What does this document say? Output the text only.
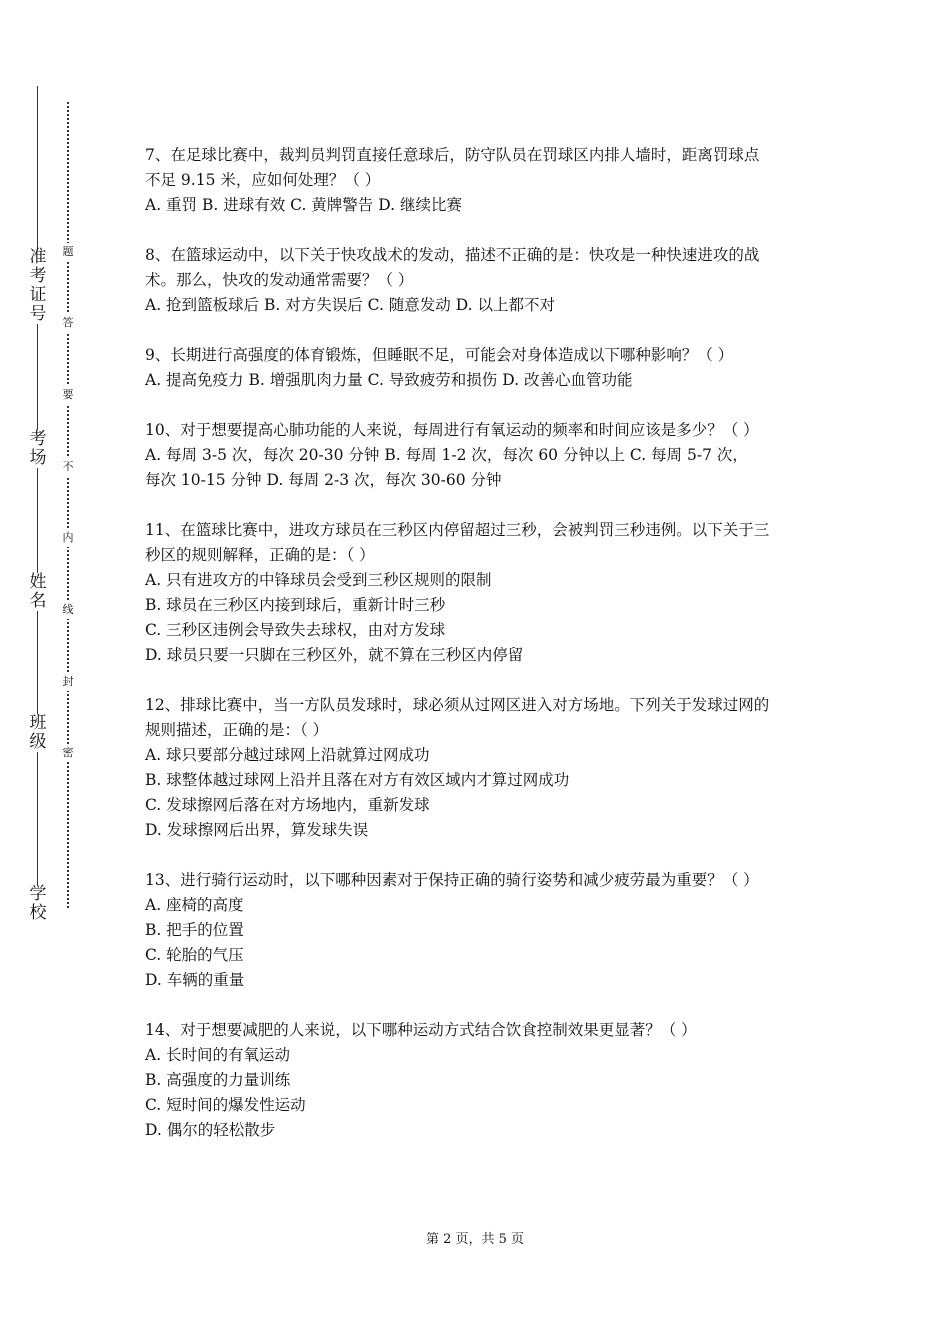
准
考
证
号
考
场
姓
名
班
级
学
校
题
答
要
不
内
线
封
密

7、在足球比赛中，裁判员判罚直接任意球后，防守队员在罚球区内排人墙时，距离罚球点

不足 9.15 米，应如何处理？（ ）

A. 重罚 B. 进球有效 C. 黄牌警告 D. 继续比赛

8、在篮球运动中，以下关于快攻战术的发动，描述不正确的是：快攻是一种快速进攻的战

术。那么，快攻的发动通常需要？（ ）

A. 抢到篮板球后 B. 对方失误后 C. 随意发动 D. 以上都不对

9、长期进行高强度的体育锻炼，但睡眠不足，可能会对身体造成以下哪种影响？（ ）

A. 提高免疫力 B. 增强肌肉力量 C. 导致疲劳和损伤 D. 改善心血管功能

10、对于想要提高心肺功能的人来说，每周进行有氧运动的频率和时间应该是多少？（ ）

A. 每周 3-5 次，每次 20-30 分钟 B. 每周 1-2 次，每次 60 分钟以上 C. 每周 5-7 次，

每次 10-15 分钟 D. 每周 2-3 次，每次 30-60 分钟

11、在篮球比赛中，进攻方球员在三秒区内停留超过三秒，会被判罚三秒违例。以下关于三

秒区的规则解释，正确的是：（ ）

A. 只有进攻方的中锋球员会受到三秒区规则的限制

B. 球员在三秒区内接到球后，重新计时三秒

C. 三秒区违例会导致失去球权，由对方发球

D. 球员只要一只脚在三秒区外，就不算在三秒区内停留

12、排球比赛中，当一方队员发球时，球必须从过网区进入对方场地。下列关于发球过网的

规则描述，正确的是：（ ）

A. 球只要部分越过球网上沿就算过网成功

B. 球整体越过球网上沿并且落在对方有效区域内才算过网成功

C. 发球擦网后落在对方场地内，重新发球

D. 发球擦网后出界，算发球失误

13、进行骑行运动时，以下哪种因素对于保持正确的骑行姿势和减少疲劳最为重要？（ ）

A. 座椅的高度

B. 把手的位置

C. 轮胎的气压

D. 车辆的重量

14、对于想要减肥的人来说，以下哪种运动方式结合饮食控制效果更显著？（ ）

A. 长时间的有氧运动

B. 高强度的力量训练

C. 短时间的爆发性运动

D. 偶尔的轻松散步

第 2 页，共 5 页
